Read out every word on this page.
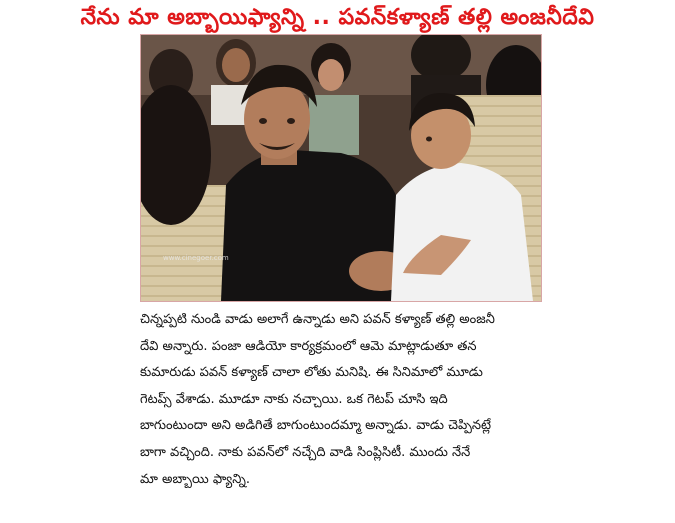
నేను మా అబ్బాయిఫ్యాన్ని .. పవన్‌కళ్యాణ్ తల్లి అంజనీదేవి
www.cinegoer.com
చిన్నప్పటి నుండి వాడు అలాగే ఉన్నాడు అని పవన్ కళ్యాణ్ తల్లి అంజనీ
దేవి అన్నారు. పంజా ఆడియో కార్యక్రమంలో ఆమె మాట్లాడుతూ తన
కుమారుడు పవన్ కళ్యాణ్ చాలా లోతు మనిషి. ఈ సినిమాలో మూడు
గెటప్స్ వేశాడు. మూడూ నాకు నచ్చాయి. ఒక గెటప్ చూసి ఇది
బాగుంటుందా అని అడిగితే బాగుంటుందమ్మా అన్నాడు. వాడు చెప్పినట్లే
బాగా వచ్చింది. నాకు పవన్‌లో నచ్చేది వాడి సింప్లిసిటీ. ముందు నేనే
మా అబ్బాయి ఫ్యాన్ని.
